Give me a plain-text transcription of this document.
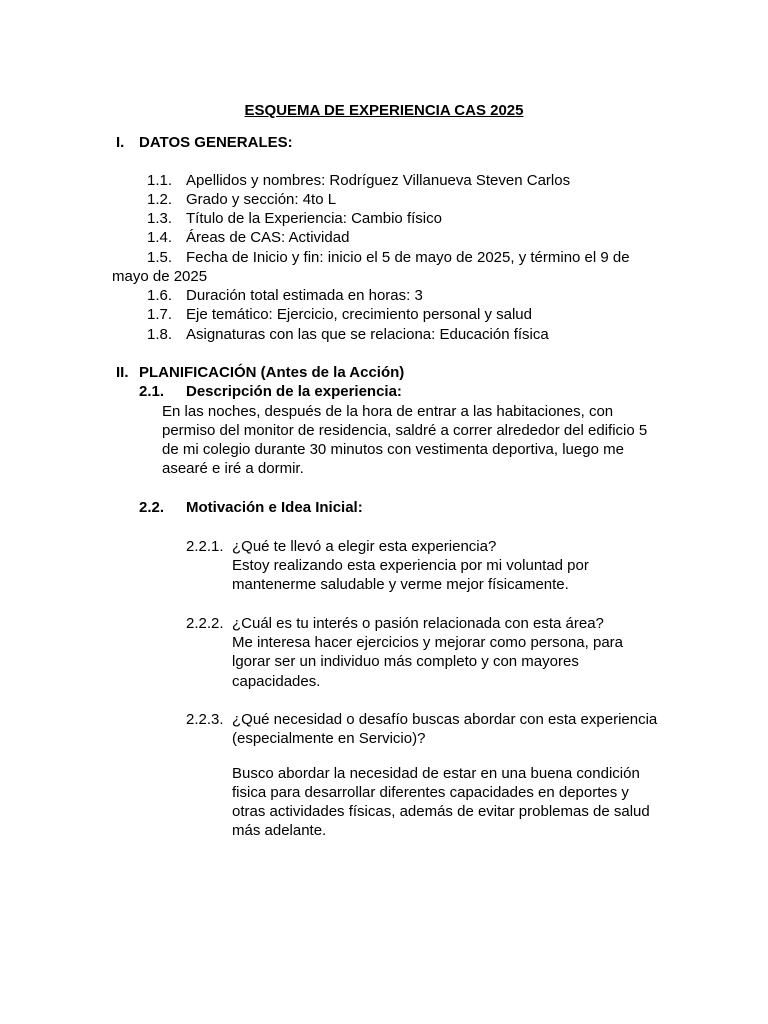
ESQUEMA DE EXPERIENCIA CAS 2025
I. DATOS GENERALES:
1.1. Apellidos y nombres: Rodríguez Villanueva Steven Carlos
1.2. Grado y sección: 4to L
1.3. Título de la Experiencia: Cambio físico
1.4. Áreas de CAS: Actividad
1.5. Fecha de Inicio y fin: inicio el 5 de mayo de 2025, y término el 9 de
mayo de 2025
1.6. Duración total estimada en horas: 3
1.7. Eje temático: Ejercicio, crecimiento personal y salud
1.8. Asignaturas con las que se relaciona: Educación física
II. PLANIFICACIÓN (Antes de la Acción)
2.1. Descripción de la experiencia:
En las noches, después de la hora de entrar a las habitaciones, con
permiso del monitor de residencia, saldré a correr alrededor del edificio 5
de mi colegio durante 30 minutos con vestimenta deportiva, luego me
asearé e iré a dormir.
2.2. Motivación e Idea Inicial:
2.2.1. ¿Qué te llevó a elegir esta experiencia?
Estoy realizando esta experiencia por mi voluntad por
mantenerme saludable y verme mejor físicamente.
2.2.2. ¿Cuál es tu interés o pasión relacionada con esta área?
Me interesa hacer ejercicios y mejorar como persona, para
lgorar ser un individuo más completo y con mayores
capacidades.
2.2.3. ¿Qué necesidad o desafío buscas abordar con esta experiencia
(especialmente en Servicio)?
Busco abordar la necesidad de estar en una buena condición
fisica para desarrollar diferentes capacidades en deportes y
otras actividades físicas, además de evitar problemas de salud
más adelante.
